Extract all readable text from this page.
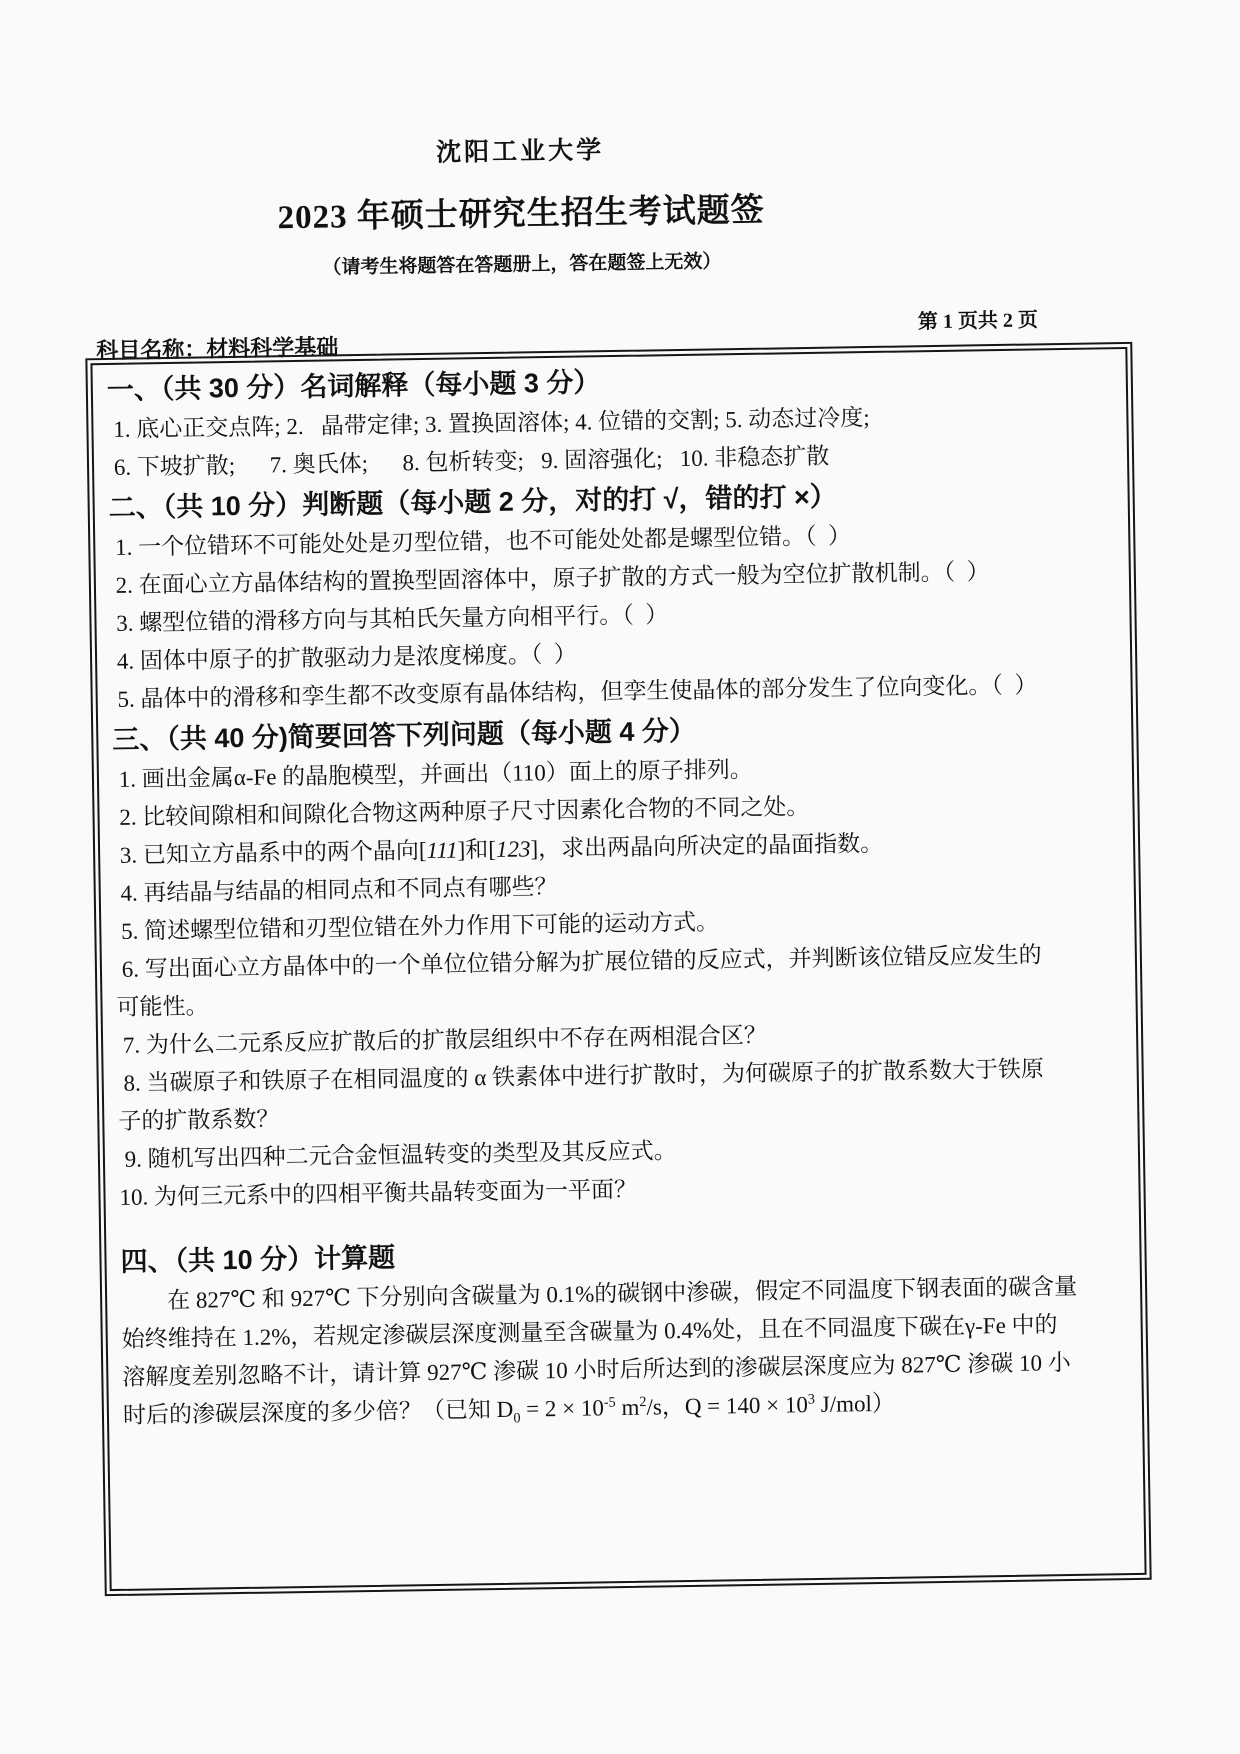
沈阳工业大学
2023 年硕士研究生招生考试题签
（请考生将题答在答题册上，答在题签上无效）
第 1 页共 2 页
科目名称：材料科学基础
一、（共 30 分）名词解释（每小题 3 分）
1. 底心正交点阵; 2.   晶带定律; 3. 置换固溶体; 4. 位错的交割; 5. 动态过冷度;
6. 下坡扩散;      7. 奥氏体;      8. 包析转变;   9. 固溶强化;   10. 非稳态扩散
二、（共 10 分）判断题（每小题 2 分，对的打 √，错的打 ×）
1. 一个位错环不可能处处是刃型位错，也不可能处处都是螺型位错。（  ）
2. 在面心立方晶体结构的置换型固溶体中，原子扩散的方式一般为空位扩散机制。（  ）
3. 螺型位错的滑移方向与其柏氏矢量方向相平行。（  ）
4. 固体中原子的扩散驱动力是浓度梯度。（  ）
5. 晶体中的滑移和孪生都不改变原有晶体结构，但孪生使晶体的部分发生了位向变化。（  ）
三、（共 40 分)简要回答下列问题（每小题 4 分）
1. 画出金属α-Fe 的晶胞模型，并画出（110）面上的原子排列。
2. 比较间隙相和间隙化合物这两种原子尺寸因素化合物的不同之处。
3. 已知立方晶系中的两个晶向[111]和[123]，求出两晶向所决定的晶面指数。
4. 再结晶与结晶的相同点和不同点有哪些？
5. 简述螺型位错和刃型位错在外力作用下可能的运动方式。
6. 写出面心立方晶体中的一个单位位错分解为扩展位错的反应式，并判断该位错反应发生的
可能性。
7. 为什么二元系反应扩散后的扩散层组织中不存在两相混合区？
8. 当碳原子和铁原子在相同温度的 α 铁素体中进行扩散时，为何碳原子的扩散系数大于铁原
子的扩散系数？
9. 随机写出四种二元合金恒温转变的类型及其反应式。
10. 为何三元系中的四相平衡共晶转变面为一平面？
四、（共 10 分）计算题
在 827℃ 和 927℃ 下分别向含碳量为 0.1%的碳钢中渗碳，假定不同温度下钢表面的碳含量
始终维持在 1.2%，若规定渗碳层深度测量至含碳量为 0.4%处，且在不同温度下碳在γ-Fe 中的
溶解度差别忽略不计，请计算 927℃ 渗碳 10 小时后所达到的渗碳层深度应为 827℃ 渗碳 10 小
时后的渗碳层深度的多少倍？（已知 $D_0 = 2 \times 10^{-5}$ $m^2/s$，$Q = 140 \times 10^3$ J/mol）
